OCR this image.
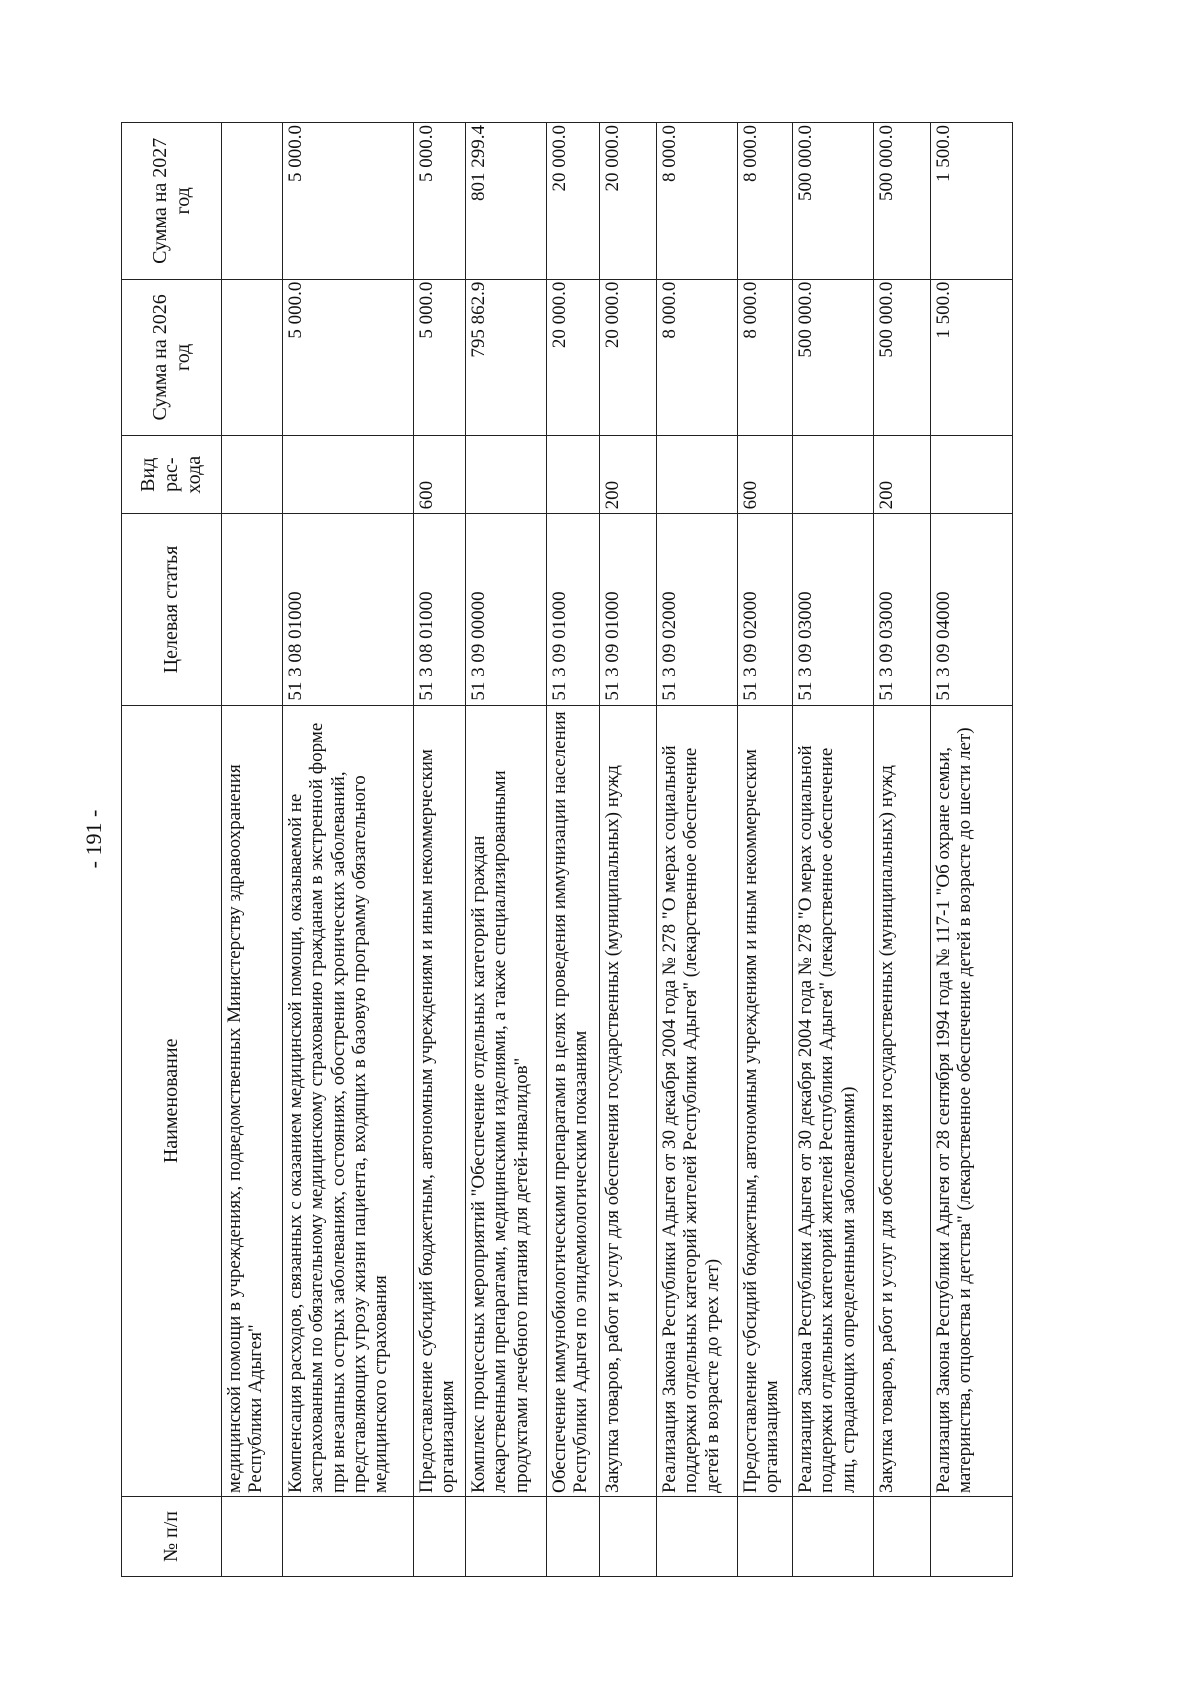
- 191 -
№ п/п	Наименование	Целевая статья	Вид рас- хода	Сумма на 2026 год	Сумма на 2027 год
	медицинской помощи в учреждениях, подведомственных Министерству здравоохранения Республики Адыгея"				
	Компенсация расходов, связанных с оказанием медицинской помощи, оказываемой не застрахованным по обязательному медицинскому страхованию гражданам в экстренной форме при внезапных острых заболеваниях, состояниях, обострении хронических заболеваний, представляющих угрозу жизни пациента, входящих в базовую программу обязательного медицинского страхования	51 3 08 01000		5 000.0	5 000.0
	Предоставление субсидий бюджетным, автономным учреждениям и иным некоммерческим организациям	51 3 08 01000	600	5 000.0	5 000.0
	Комплекс процессных мероприятий "Обеспечение отдельных категорий граждан лекарственными препаратами, медицинскими изделиями, а также специализированными продуктами лечебного питания для детей-инвалидов"	51 3 09 00000		795 862.9	801 299.4
	Обеспечение иммунобиологическими препаратами в целях проведения иммунизации населения Республики Адыгея по эпидемиологическим показаниям	51 3 09 01000		20 000.0	20 000.0
	Закупка товаров, работ и услуг для обеспечения государственных (муниципальных) нужд	51 3 09 01000	200	20 000.0	20 000.0
	Реализация Закона Республики Адыгея от 30 декабря 2004 года № 278 "О мерах социальной поддержки отдельных категорий жителей Республики Адыгея" (лекарственное обеспечение детей в возрасте до трех лет)	51 3 09 02000		8 000.0	8 000.0
	Предоставление субсидий бюджетным, автономным учреждениям и иным некоммерческим организациям	51 3 09 02000	600	8 000.0	8 000.0
	Реализация Закона Республики Адыгея от 30 декабря 2004 года № 278 "О мерах социальной поддержки отдельных категорий жителей Республики Адыгея" (лекарственное обеспечение лиц, страдающих определенными заболеваниями)	51 3 09 03000		500 000.0	500 000.0
	Закупка товаров, работ и услуг для обеспечения государственных (муниципальных) нужд	51 3 09 03000	200	500 000.0	500 000.0
	Реализация Закона Республики Адыгея от 28 сентября 1994 года № 117-1 "Об охране семьи, материнства, отцовства и детства" (лекарственное обеспечение детей в возрасте до шести лет)	51 3 09 04000		1 500.0	1 500.0
